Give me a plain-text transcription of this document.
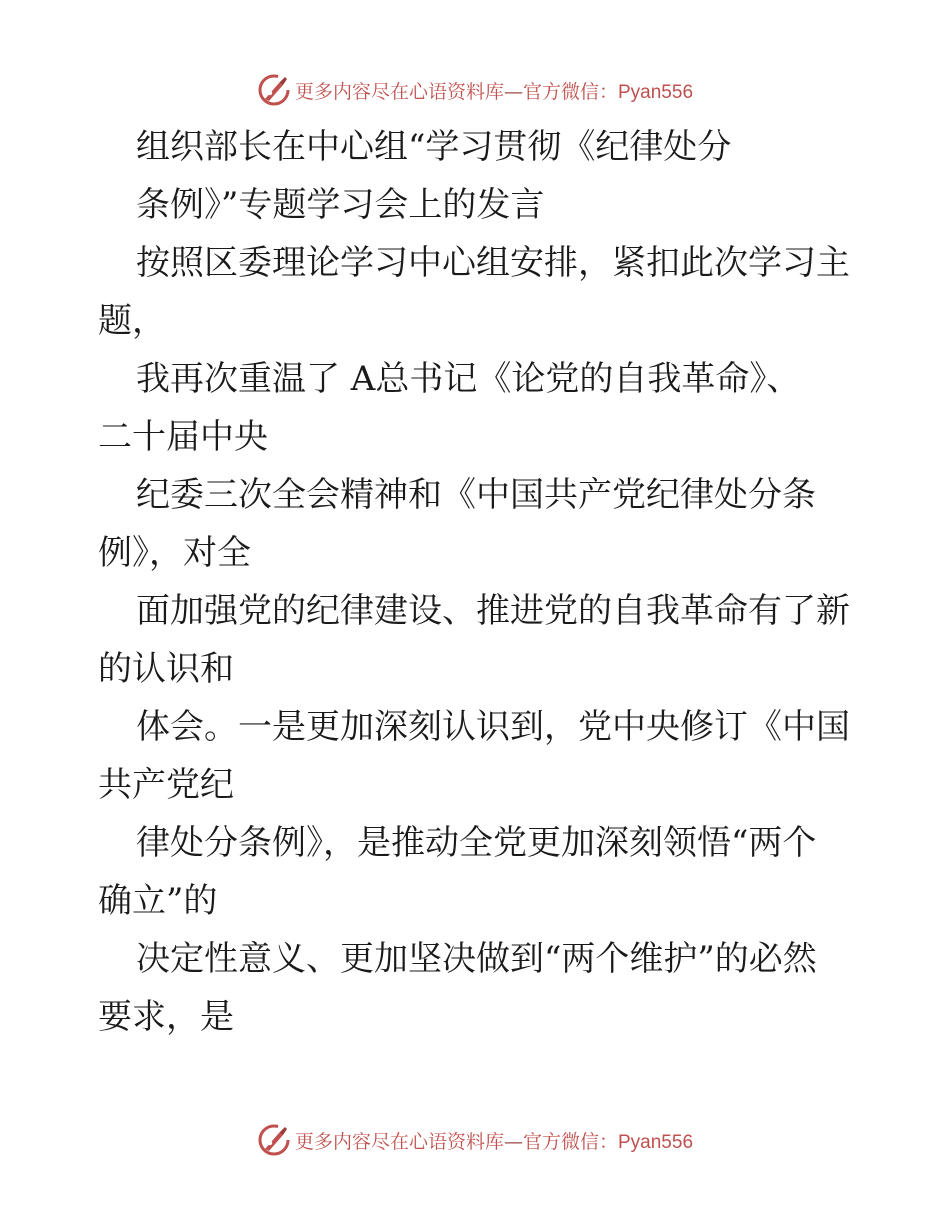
更多内容尽在心语资料库—官方微信：Pyan556
组织部长在中心组“学习贯彻《纪律处分
条例》”专题学习会上的发言
按照区委理论学习中心组安排，紧扣此次学习主
题，
我再次重温了 A总书记《论党的自我革命》、
二十届中央
纪委三次全会精神和《中国共产党纪律处分条
例》，对全
面加强党的纪律建设、推进党的自我革命有了新
的认识和
体会。一是更加深刻认识到，党中央修订《中国
共产党纪
律处分条例》，是推动全党更加深刻领悟“两个
确立”的
决定性意义、更加坚决做到“两个维护”的必然
要求，是
更多内容尽在心语资料库—官方微信：Pyan556
